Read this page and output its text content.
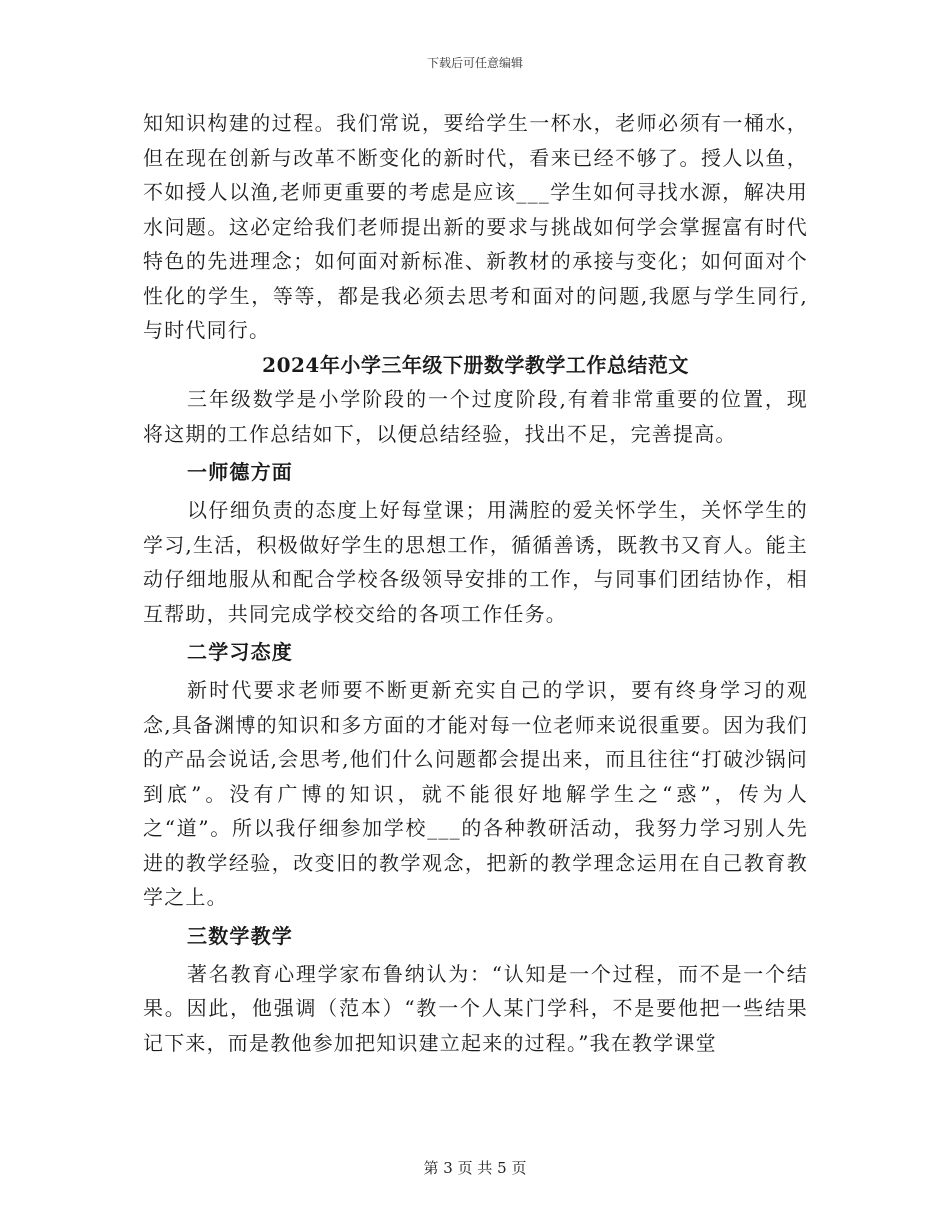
下载后可任意编辑

知知识构建的过程。我们常说，要给学生一杯水，老师必须有一桶水，但在现在创新与改革不断变化的新时代，看来已经不够了。授人以鱼，不如授人以渔,老师更重要的考虑是应该___学生如何寻找水源，解决用水问题。这必定给我们老师提出新的要求与挑战如何学会掌握富有时代特色的先进理念；如何面对新标准、新教材的承接与变化；如何面对个性化的学生，等等，都是我必须去思考和面对的问题,我愿与学生同行,与时代同行。

2024年小学三年级下册数学教学工作总结范文

三年级数学是小学阶段的一个过度阶段,有着非常重要的位置，现将这期的工作总结如下，以便总结经验，找出不足，完善提高。

一师德方面

以仔细负责的态度上好每堂课；用满腔的爱关怀学生，关怀学生的学习,生活，积极做好学生的思想工作，循循善诱，既教书又育人。能主动仔细地服从和配合学校各级领导安排的工作，与同事们团结协作，相互帮助，共同完成学校交给的各项工作任务。

二学习态度

新时代要求老师要不断更新充实自己的学识，要有终身学习的观念,具备渊博的知识和多方面的才能对每一位老师来说很重要。因为我们的产品会说话,会思考,他们什么问题都会提出来，而且往往“打破沙锅问到底”。没有广博的知识，就不能很好地解学生之“惑”，传为人之“道”。所以我仔细参加学校___的各种教研活动，我努力学习别人先进的教学经验，改变旧的教学观念，把新的教学理念运用在自己教育教学之上。

三数学教学

著名教育心理学家布鲁纳认为：“认知是一个过程，而不是一个结果。因此，他强调（范本）“教一个人某门学科，不是要他把一些结果记下来，而是教他参加把知识建立起来的过程。”我在教学课堂

第 3 页 共 5 页
